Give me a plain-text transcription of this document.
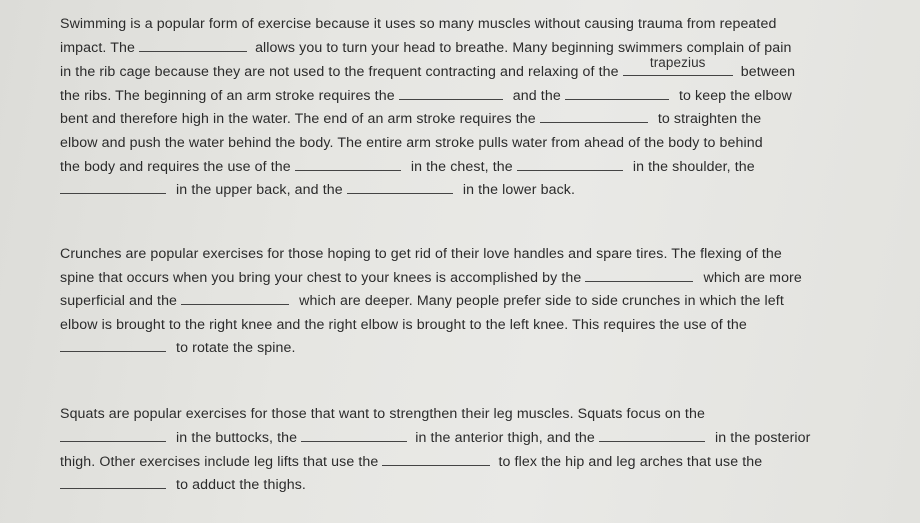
Swimming is a popular form of exercise because it uses so many muscles without causing trauma from repeated
impact. The	allows you to turn your head to breathe. Many beginning swimmers complain of pain
in the rib cage because they are not used to the frequent contracting and relaxing of the
trapezius
between
the ribs. The beginning of an arm stroke requires the	and the	to keep the elbow
bent and therefore high in the water. The end of an arm stroke requires the	to straighten the
elbow and push the water behind the body. The entire arm stroke pulls water from ahead of the body to behind
the body and requires the use of the	in the chest, the	in the shoulder, the
in the upper back, and the	in the lower back.
Crunches are popular exercises for those hoping to get rid of their love handles and spare tires. The flexing of the
spine that occurs when you bring your chest to your knees is accomplished by the	which are more
superficial and the	which are deeper. Many people prefer side to side crunches in which the left
elbow is brought to the right knee and the right elbow is brought to the left knee. This requires the use of the
to rotate the spine.
Squats are popular exercises for those that want to strengthen their leg muscles. Squats focus on the
in the buttocks, the	in the anterior thigh, and the	in the posterior
thigh. Other exercises include leg lifts that use the	to flex the hip and leg arches that use the
to adduct the thighs.
